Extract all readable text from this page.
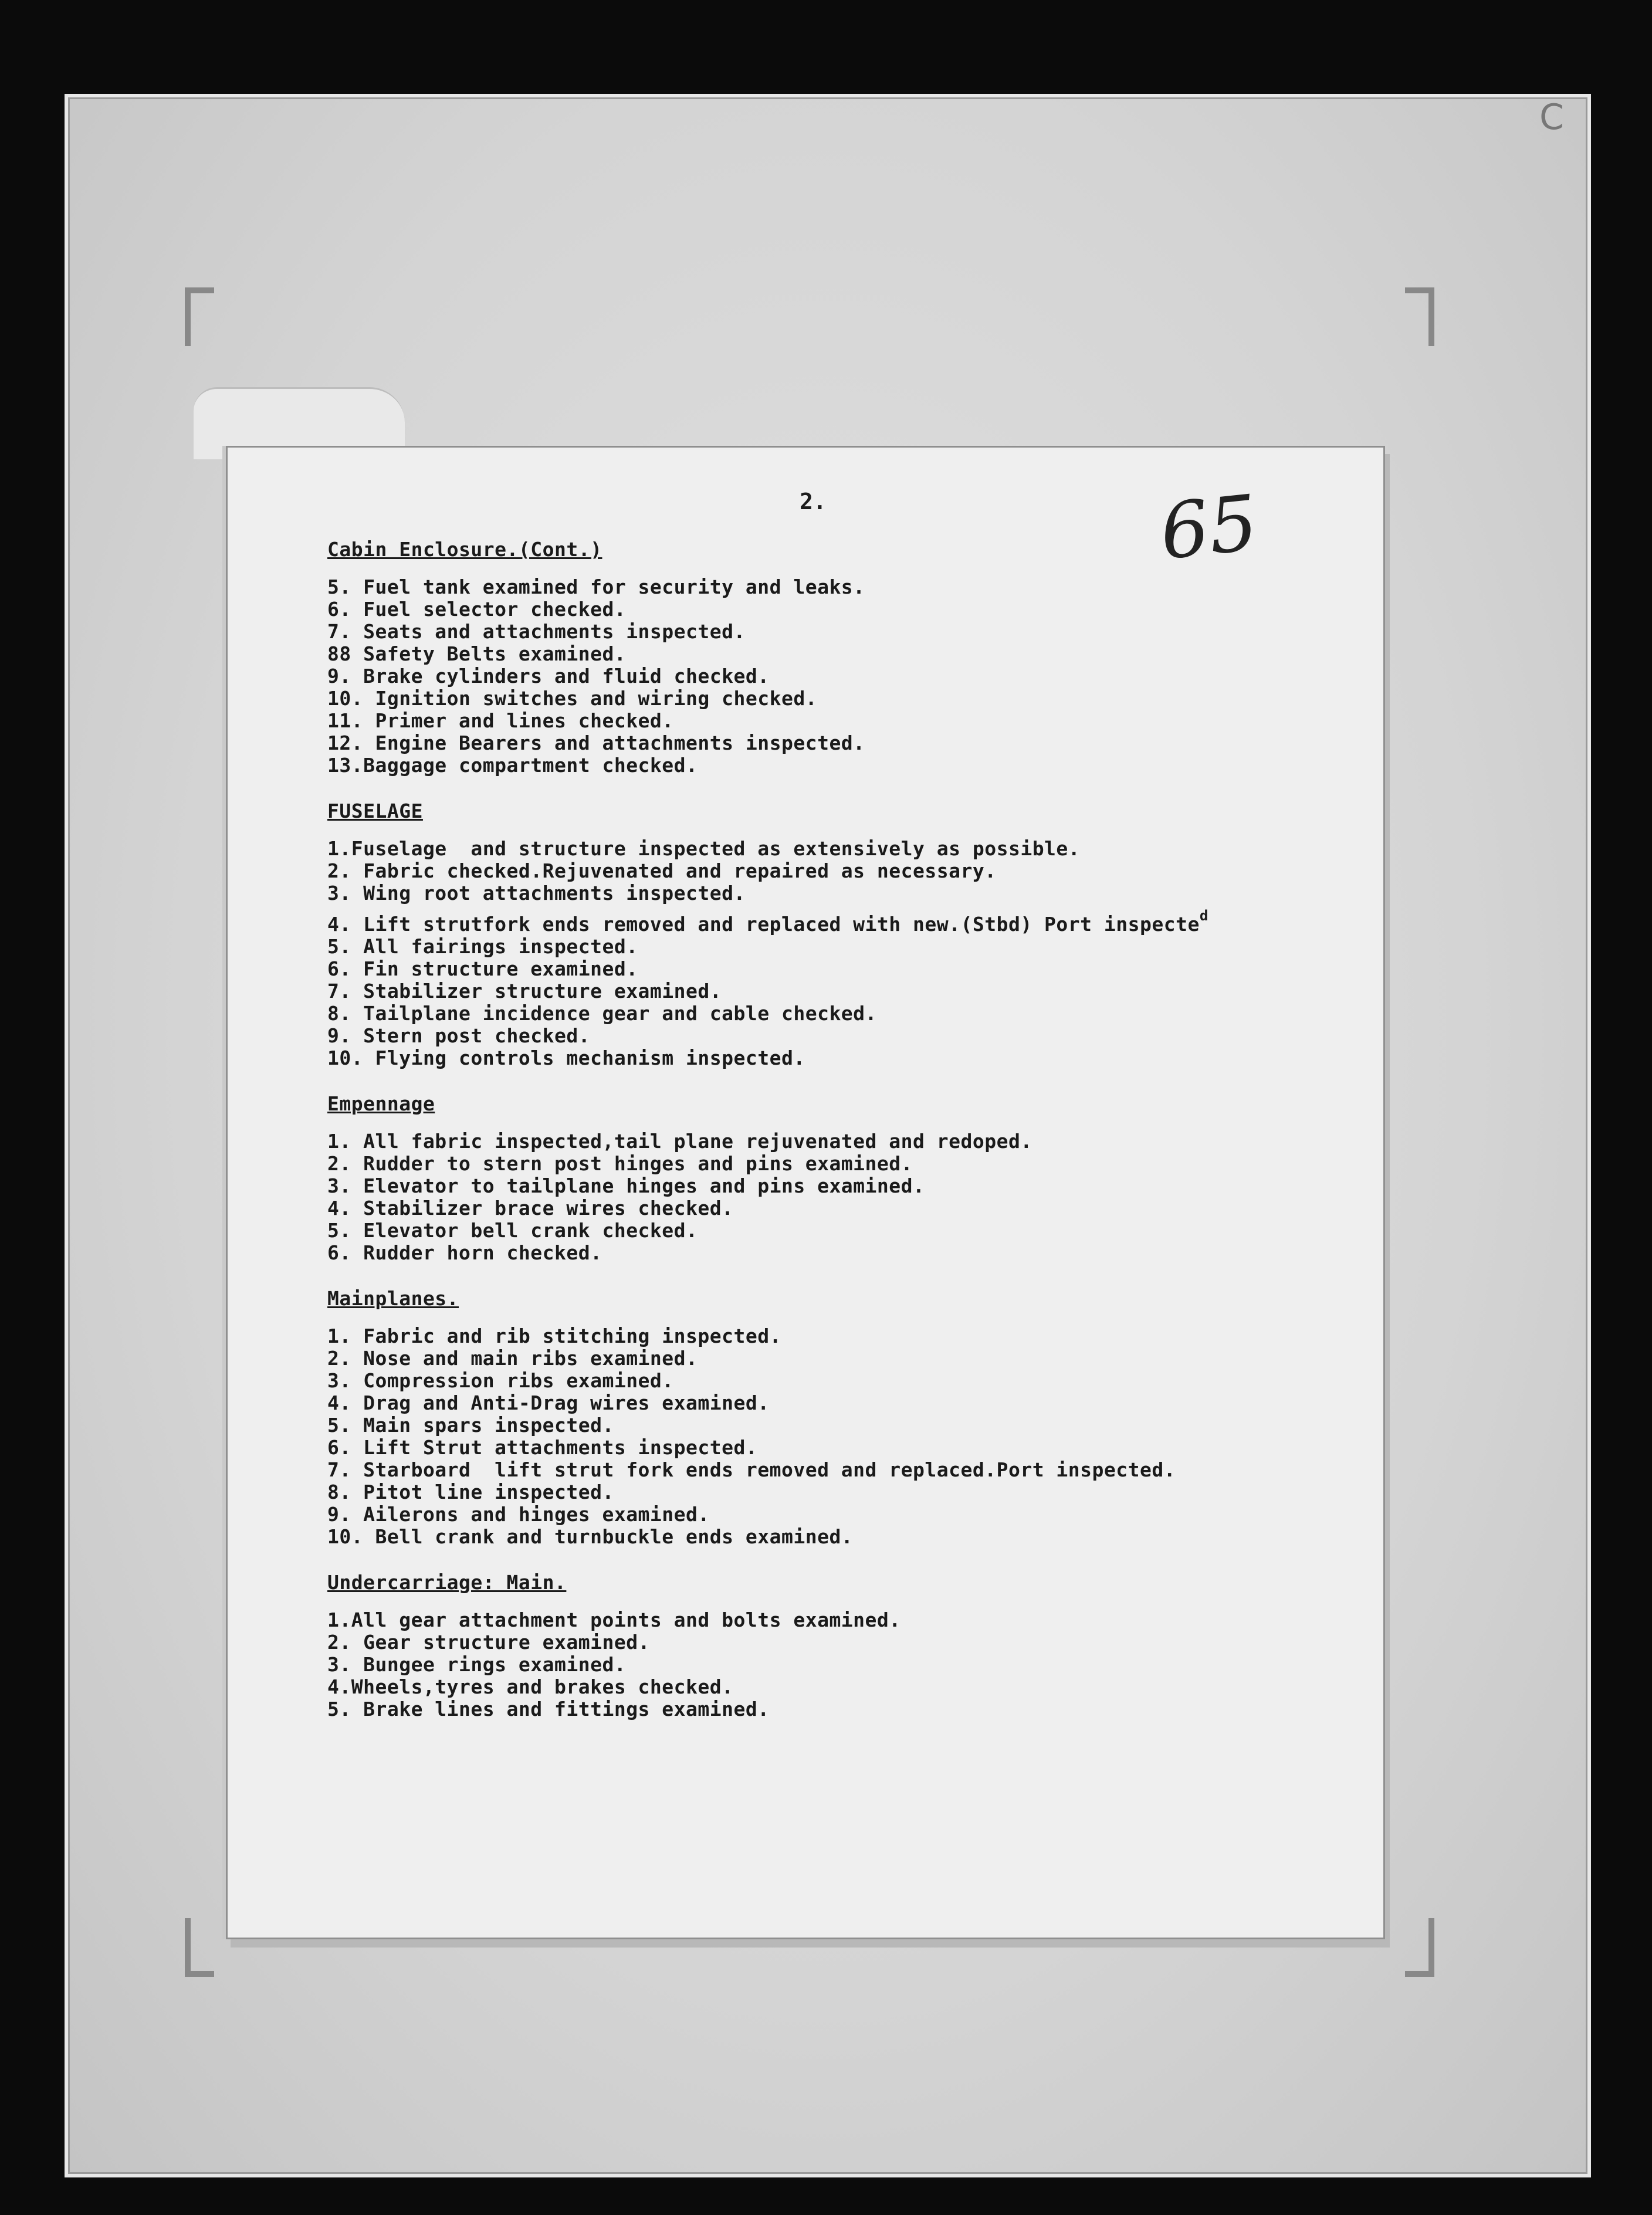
C
2.	65
Cabin Enclosure.(Cont.)
5. Fuel tank examined for security and leaks.
6. Fuel selector checked.
7. Seats and attachments inspected.
88 Safety Belts examined.
9. Brake cylinders and fluid checked.
10. Ignition switches and wiring checked.
11. Primer and lines checked.
12. Engine Bearers and attachments inspected.
13.Baggage compartment checked.
FUSELAGE
1.Fuselage  and structure inspected as extensively as possible.
2. Fabric checked.Rejuvenated and repaired as necessary.
3. Wing root attachments inspected.
4. Lift strutfork ends removed and replaced with new.(Stbd) Port inspecte$^d$
5. All fairings inspected.
6. Fin structure examined.
7. Stabilizer structure examined.
8. Tailplane incidence gear and cable checked.
9. Stern post checked.
10. Flying controls mechanism inspected.
Empennage
1. All fabric inspected,tail plane rejuvenated and redoped.
2. Rudder to stern post hinges and pins examined.
3. Elevator to tailplane hinges and pins examined.
4. Stabilizer brace wires checked.
5. Elevator bell crank checked.
6. Rudder horn checked.
Mainplanes.
1. Fabric and rib stitching inspected.
2. Nose and main ribs examined.
3. Compression ribs examined.
4. Drag and Anti-Drag wires examined.
5. Main spars inspected.
6. Lift Strut attachments inspected.
7. Starboard  lift strut fork ends removed and replaced.Port inspected.
8. Pitot line inspected.
9. Ailerons and hinges examined.
10. Bell crank and turnbuckle ends examined.
Undercarriage: Main.
1.All gear attachment points and bolts examined.
2. Gear structure examined.
3. Bungee rings examined.
4.Wheels,tyres and brakes checked.
5. Brake lines and fittings examined.
